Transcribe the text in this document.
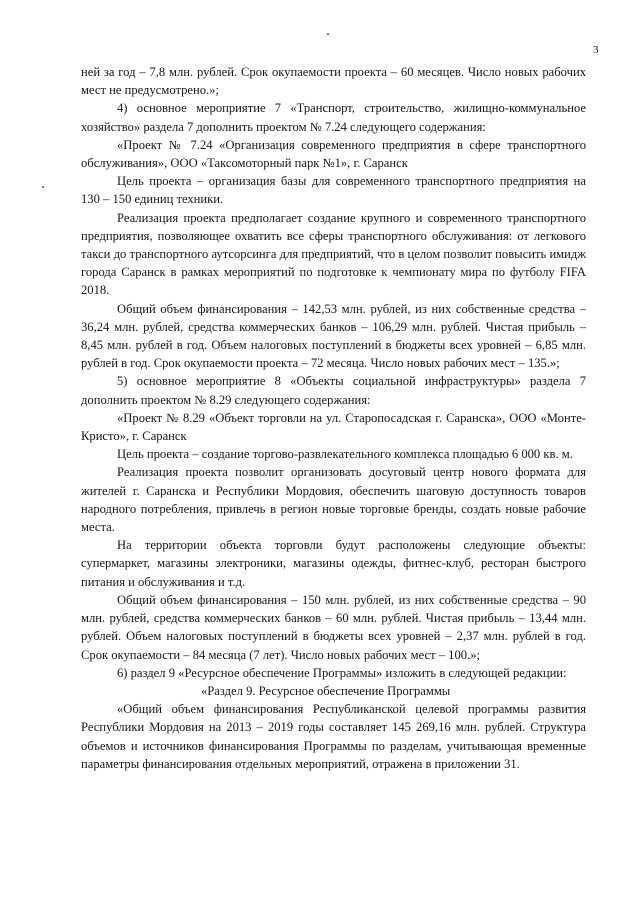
3

ней за год – 7,8 млн. рублей. Срок окупаемости проекта – 60 месяцев. Число новых рабочих мест не предусмотрено.»;

4) основное мероприятие 7 «Транспорт, строительство, жилищно-коммунальное хозяйство» раздела 7 дополнить проектом № 7.24 следующего содержания:

«Проект № 7.24 «Организация современного предприятия в сфере транспортного обслуживания», ООО «Таксомоторный парк №1», г. Саранск

Цель проекта – организация базы для современного транспортного предприятия на 130 – 150 единиц техники.

Реализация проекта предполагает создание крупного и современного транспортного предприятия, позволяющее охватить все сферы транспортного обслуживания: от легкового такси до транспортного аутсорсинга для предприятий, что в целом позволит повысить имидж города Саранск в рамках мероприятий по подготовке к чемпионату мира по футболу FIFA 2018.

Общий объем финансирования – 142,53 млн. рублей, из них собственные средства – 36,24 млн. рублей, средства коммерческих банков – 106,29 млн. рублей. Чистая прибыль – 8,45 млн. рублей в год. Объем налоговых поступлений в бюджеты всех уровней – 6,85 млн. рублей в год. Срок окупаемости проекта – 72 месяца. Число новых рабочих мест – 135.»;

5) основное мероприятие 8 «Объекты социальной инфраструктуры» раздела 7 дополнить проектом № 8.29 следующего содержания:

«Проект № 8.29 «Объект торговли на ул. Старопосадская г. Саранска», ООО «Монте-Кристо», г. Саранск

Цель проекта – создание торгово-развлекательного комплекса площадью 6 000 кв. м.

Реализация проекта позволит организовать досуговый центр нового формата для жителей г. Саранска и Республики Мордовия, обеспечить шаговую доступность товаров народного потребления, привлечь в регион новые торговые бренды, создать новые рабочие места.

На территории объекта торговли будут расположены следующие объекты: супермаркет, магазины электроники, магазины одежды, фитнес-клуб, ресторан быстрого питания и обслуживания и т.д.

Общий объем финансирования – 150 млн. рублей, из них собственные средства – 90 млн. рублей, средства коммерческих банков – 60 млн. рублей. Чистая прибыль – 13,44 млн. рублей. Объем налоговых поступлений в бюджеты всех уровней – 2,37 млн. рублей в год. Срок окупаемости – 84 месяца (7 лет). Число новых рабочих мест – 100.»;

6) раздел 9 «Ресурсное обеспечение Программы» изложить в следующей редакции:

«Раздел 9. Ресурсное обеспечение Программы

«Общий объем финансирования Республиканской целевой программы развития Республики Мордовия на 2013 – 2019 годы составляет 145 269,16 млн. рублей. Структура объемов и источников финансирования Программы по разделам, учитывающая временные параметры финансирования отдельных мероприятий, отражена в приложении 31.
